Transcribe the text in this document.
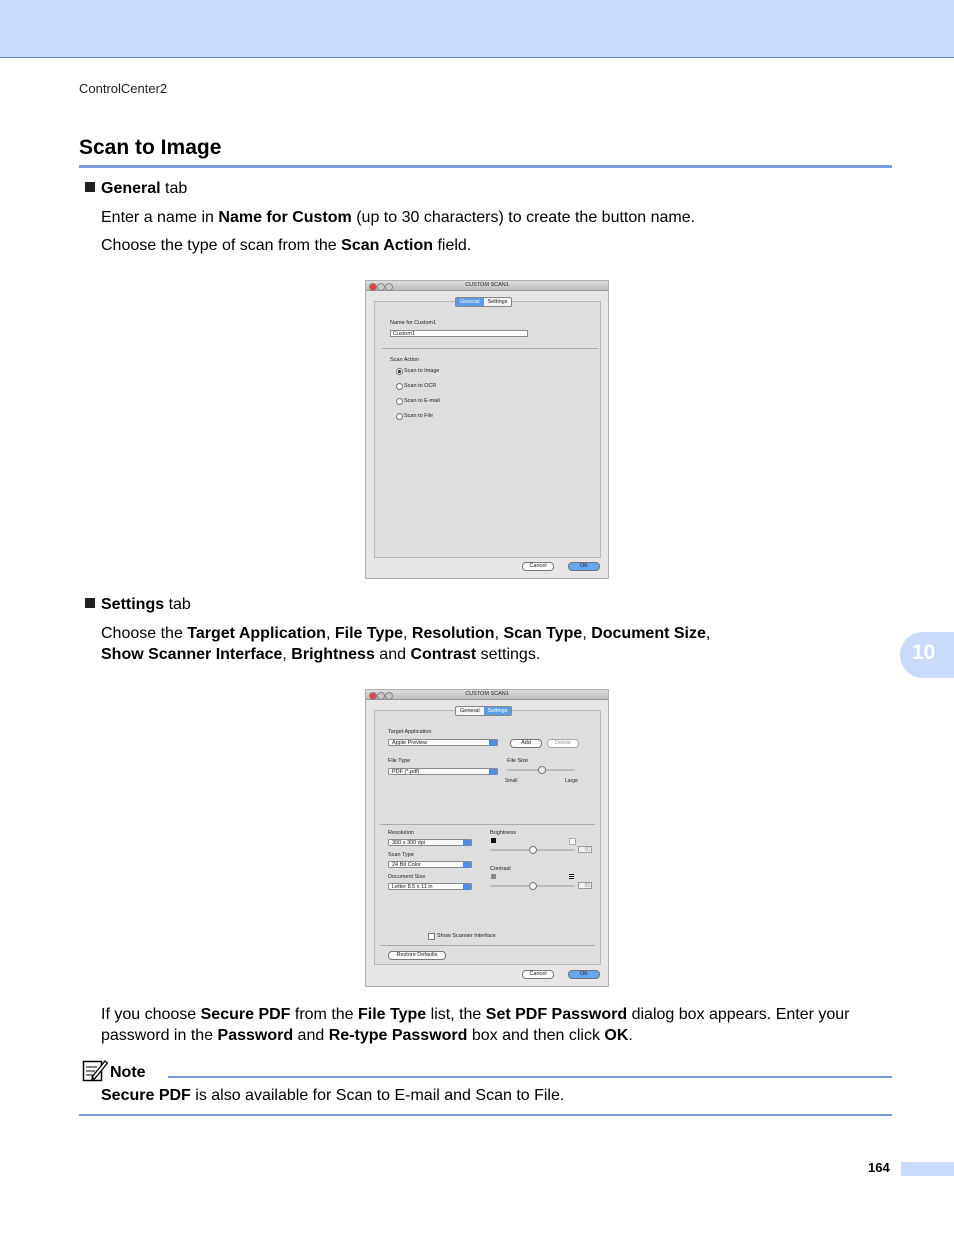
ControlCenter2
Scan to Image
General tab
Enter a name in Name for Custom (up to 30 characters) to create the button name.
Choose the type of scan from the Scan Action field.
CUSTOM SCAN1
General	Settings
Name for Custom1
Custom1
Scan Action
Scan to Image
Scan to OCR
Scan to E-mail
Scan to File
Cancel	OK
Settings tab
Choose the Target Application, File Type, Resolution, Scan Type, Document Size,
Show Scanner Interface, Brightness and Contrast settings.	10
CUSTOM SCAN1
General	Settings
Target Application
Apple Preview	Add	Delete
File Type
PDF (*.pdf)
File Size
Small	Large
Resolution
300 x 300 dpi
Scan Type
24 Bit Color
Document Size
Letter 8.5 x 11 in
Brightness
50
Contrast
50
Show Scanner Interface
Restore Defaults
Cancel	OK
If you choose Secure PDF from the File Type list, the Set PDF Password dialog box appears. Enter your password in the Password and Re-type Password box and then click OK.
Note
Secure PDF is also available for Scan to E-mail and Scan to File.
164
